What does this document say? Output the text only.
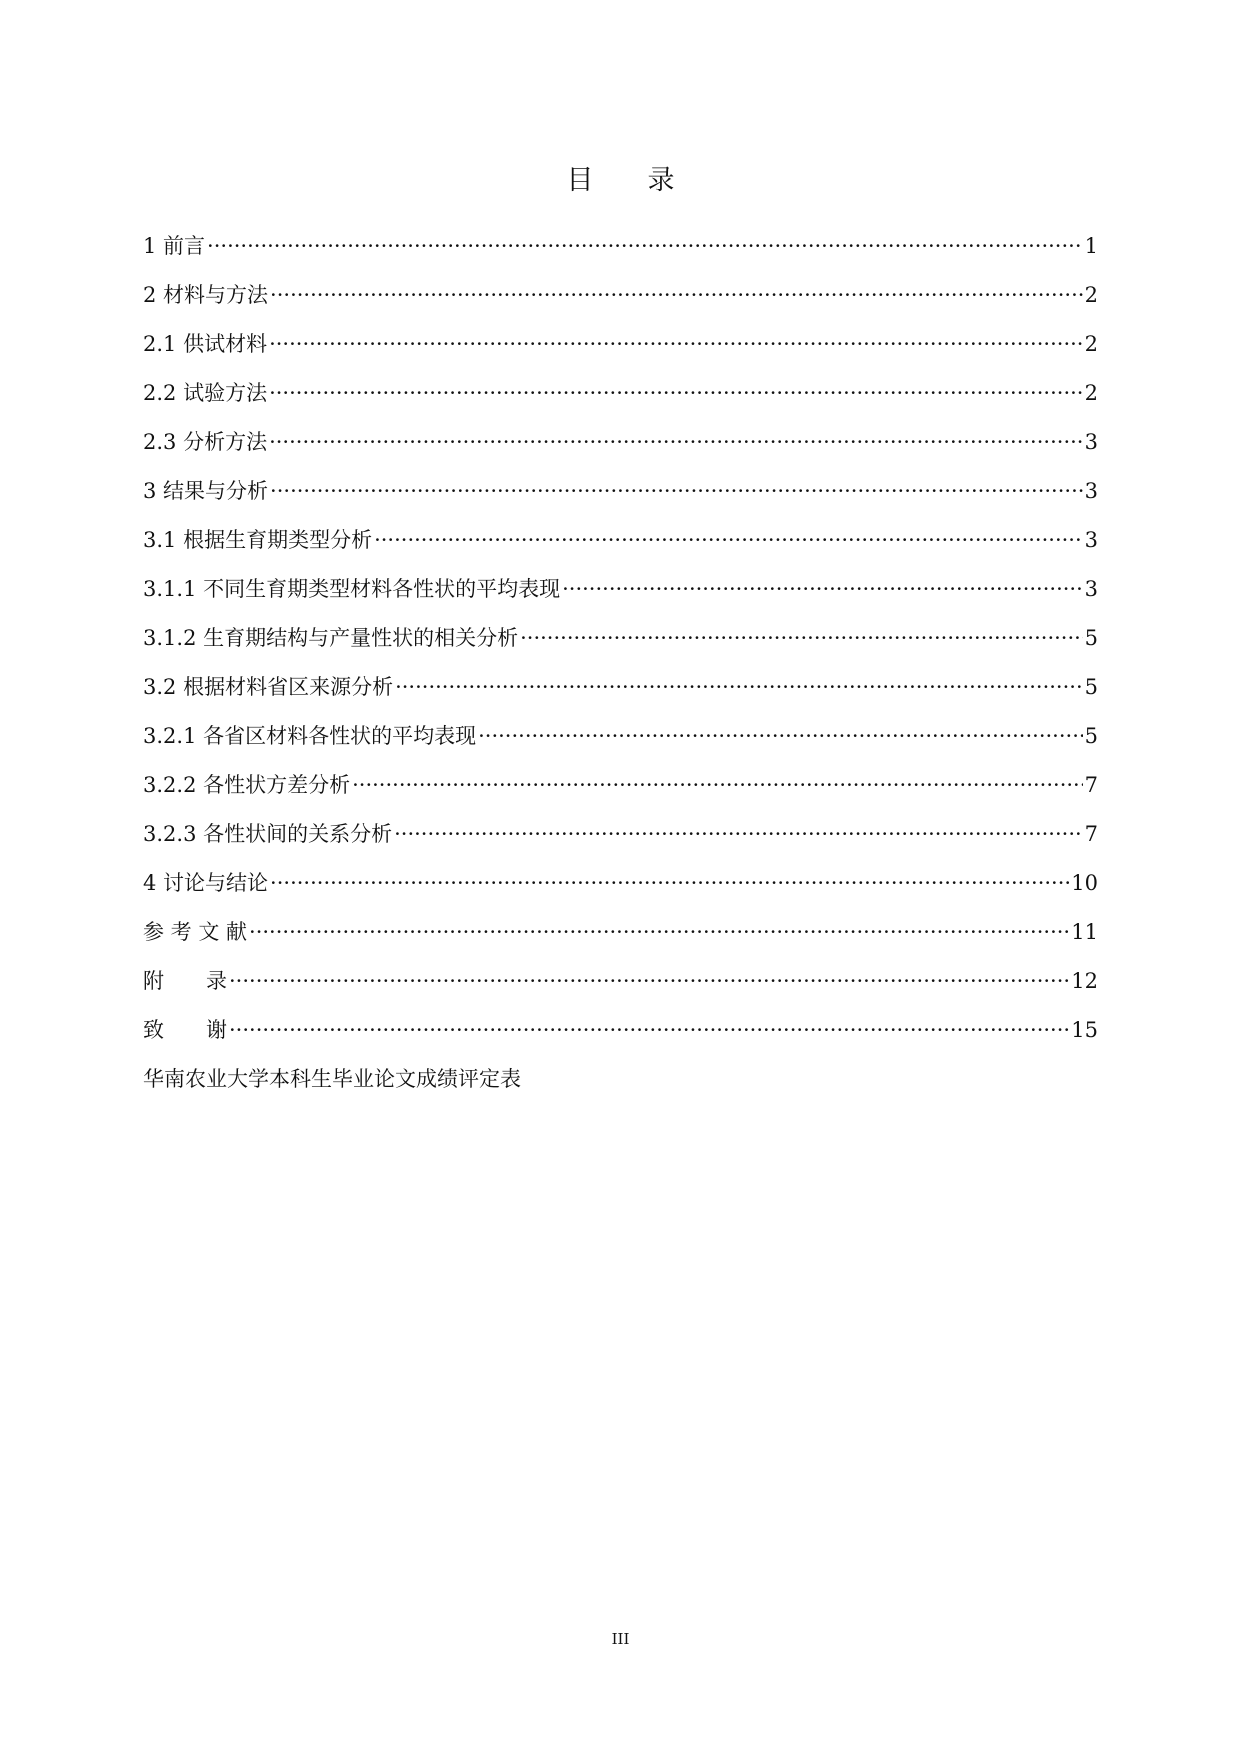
目　　录
1 前言 ·····	1
2 材料与方法 ·····	2
2.1 供试材料 ·····	2
2.2 试验方法 ·····	2
2.3 分析方法 ·····	3
3 结果与分析 ·····	3
3.1 根据生育期类型分析 ·····	3
3.1.1 不同生育期类型材料各性状的平均表现 ·····	3
3.1.2 生育期结构与产量性状的相关分析 ·····	5
3.2 根据材料省区来源分析 ·····	5
3.2.1 各省区材料各性状的平均表现 ·····	5
3.2.2 各性状方差分析 ·····	7
3.2.3 各性状间的关系分析 ·····	7
4 讨论与结论 ·····	10
参 考 文 献 ·····	11
附　　录 ·····	12
致　　谢 ·····	15
华南农业大学本科生毕业论文成绩评定表
III
